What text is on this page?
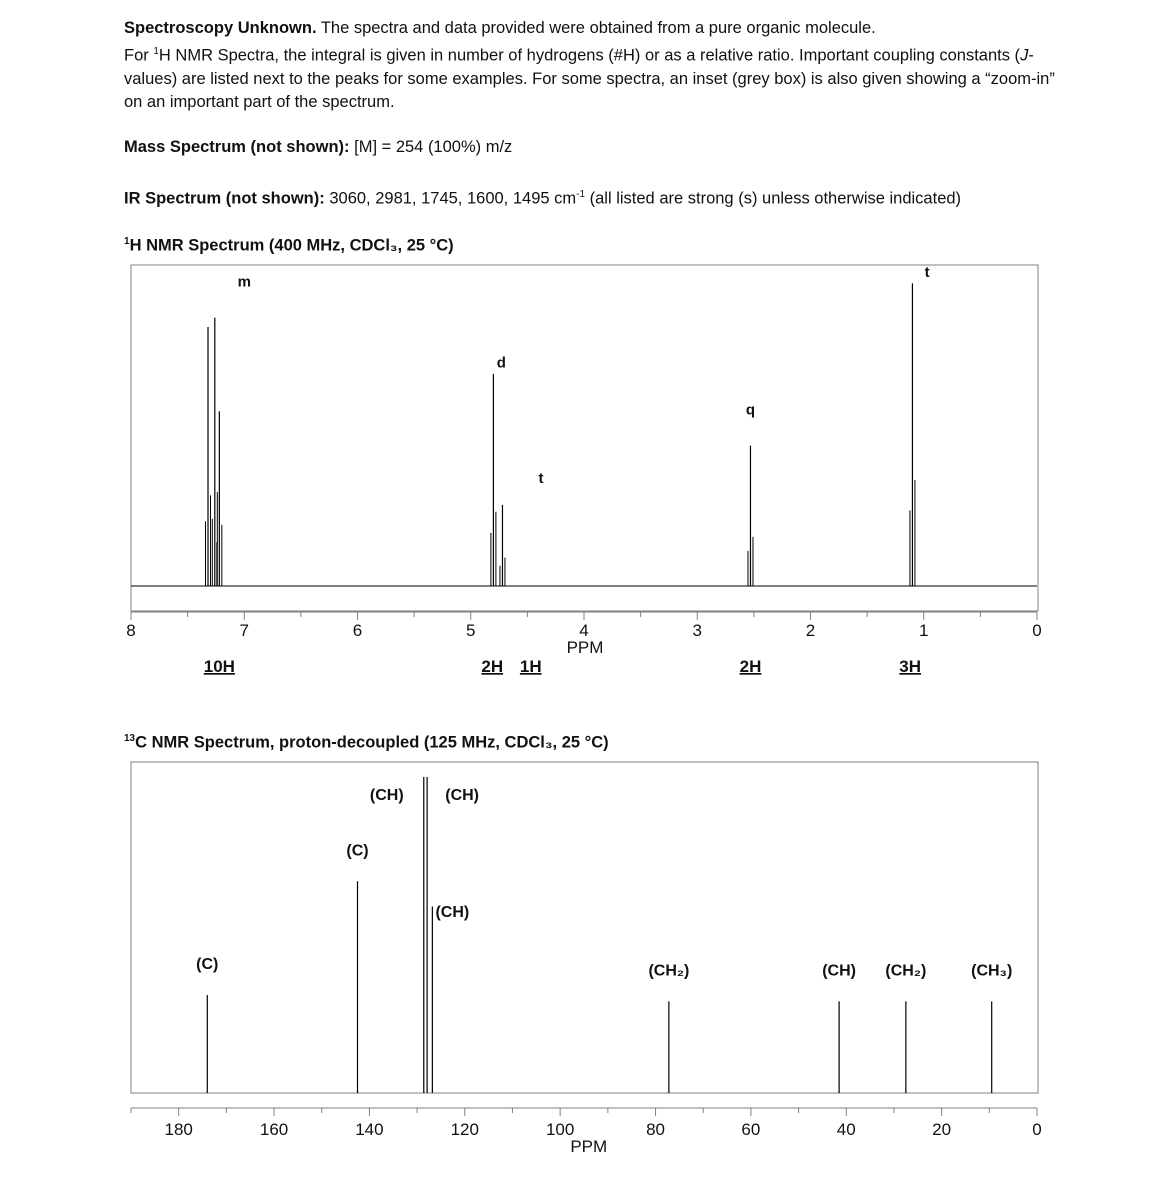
Spectroscopy Unknown. The spectra and data provided were obtained from a pure organic molecule.
For $^1$H NMR Spectra, the integral is given in number of hydrogens (#H) or as a relative ratio. Important coupling constants (J-values) are listed next to the peaks for some examples. For some spectra, an inset (grey box) is also given showing a “zoom-in” on an important part of the spectrum.
Mass Spectrum (not shown): [M] = 254 (100%) m/z
IR Spectrum (not shown): 3060, 2981, 1745, 1600, 1495 $cm^{-1}$ (all listed are strong (s) unless otherwise indicated)
$^1$H NMR Spectrum (400 MHz, CDCl₃, 25 °C)
$^{13}$C NMR Spectrum, proton-decoupled (125 MHz, CDCl₃, 25 °C)
8	7	6	5	4	3	2	1	0
PPM
m
d
t
q
t
10H	2H 1H	2H	3H
180	160	140	120	100	80	60	40	20	0
PPM
(C)
(C)
(CH)	(CH)
(CH)
(CH₂)	(CH) (CH₂)	(CH₃)
